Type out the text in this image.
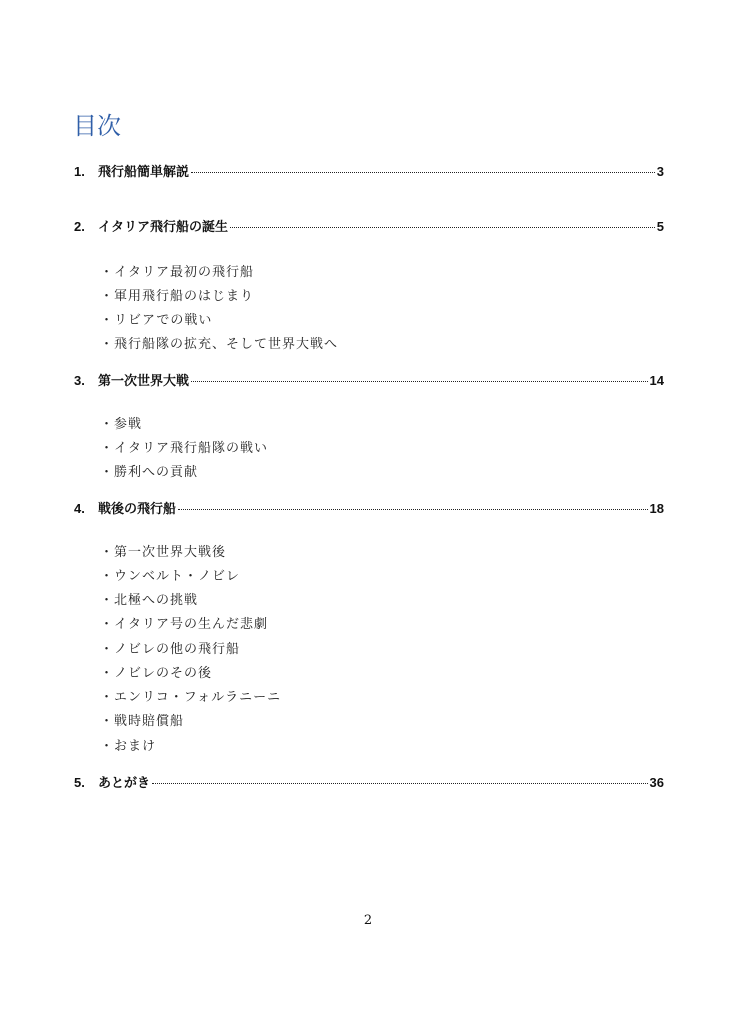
目次
1.	飛行船簡単解説	3
2.	イタリア飛行船の誕生	5
・イタリア最初の飛行船
・軍用飛行船のはじまり
・リビアでの戦い
・飛行船隊の拡充、そして世界大戦へ
3.	第一次世界大戦	14
・参戦
・イタリア飛行船隊の戦い
・勝利への貢献
4.	戦後の飛行船	18
・第一次世界大戦後
・ウンベルト・ノビレ
・北極への挑戦
・イタリア号の生んだ悲劇
・ノビレの他の飛行船
・ノビレのその後
・エンリコ・フォルラニーニ
・戦時賠償船
・おまけ
5.	あとがき	36
2
